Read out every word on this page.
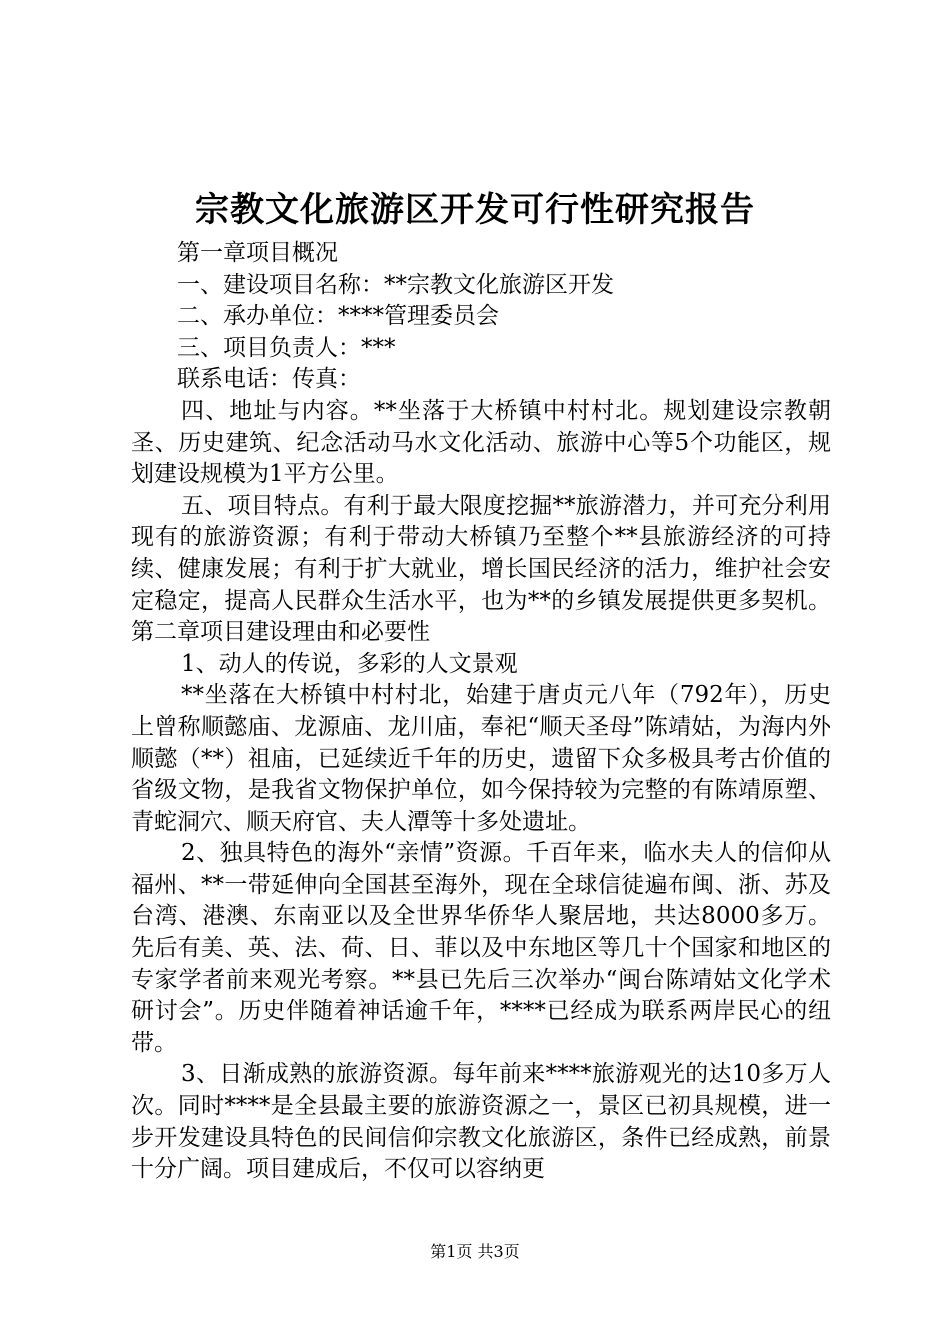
宗教文化旅游区开发可行性研究报告

第一章项目概况

一、建设项目名称：**宗教文化旅游区开发

二、承办单位：****管理委员会

三、项目负责人：***

联系电话：传真：

四、地址与内容。**坐落于大桥镇中村村北。规划建设宗教朝圣、历史建筑、纪念活动马水文化活动、旅游中心等5个功能区，规划建设规模为1平方公里。

五、项目特点。有利于最大限度挖掘**旅游潜力，并可充分利用现有的旅游资源；有利于带动大桥镇乃至整个**县旅游经济的可持续、健康发展；有利于扩大就业，增长国民经济的活力，维护社会安定稳定，提高人民群众生活水平，也为**的乡镇发展提供更多契机。第二章项目建设理由和必要性

1、动人的传说，多彩的人文景观

**坐落在大桥镇中村村北，始建于唐贞元八年（792年），历史上曾称顺懿庙、龙源庙、龙川庙，奉祀“顺天圣母”陈靖姑，为海内外顺懿（**）祖庙，已延续近千年的历史，遗留下众多极具考古价值的省级文物，是我省文物保护单位，如今保持较为完整的有陈靖原塑、青蛇洞穴、顺天府官、夫人潭等十多处遗址。

2、独具特色的海外“亲情”资源。千百年来，临水夫人的信仰从福州、**一带延伸向全国甚至海外，现在全球信徒遍布闽、浙、苏及台湾、港澳、东南亚以及全世界华侨华人聚居地，共达8000多万。先后有美、英、法、荷、日、菲以及中东地区等几十个国家和地区的专家学者前来观光考察。**县已先后三次举办“闽台陈靖姑文化学术研讨会”。历史伴随着神话逾千年，****已经成为联系两岸民心的纽带。

3、日渐成熟的旅游资源。每年前来****旅游观光的达10多万人次。同时****是全县最主要的旅游资源之一，景区已初具规模，进一步开发建设具特色的民间信仰宗教文化旅游区，条件已经成熟，前景十分广阔。项目建成后，不仅可以容纳更

第1页 共3页
